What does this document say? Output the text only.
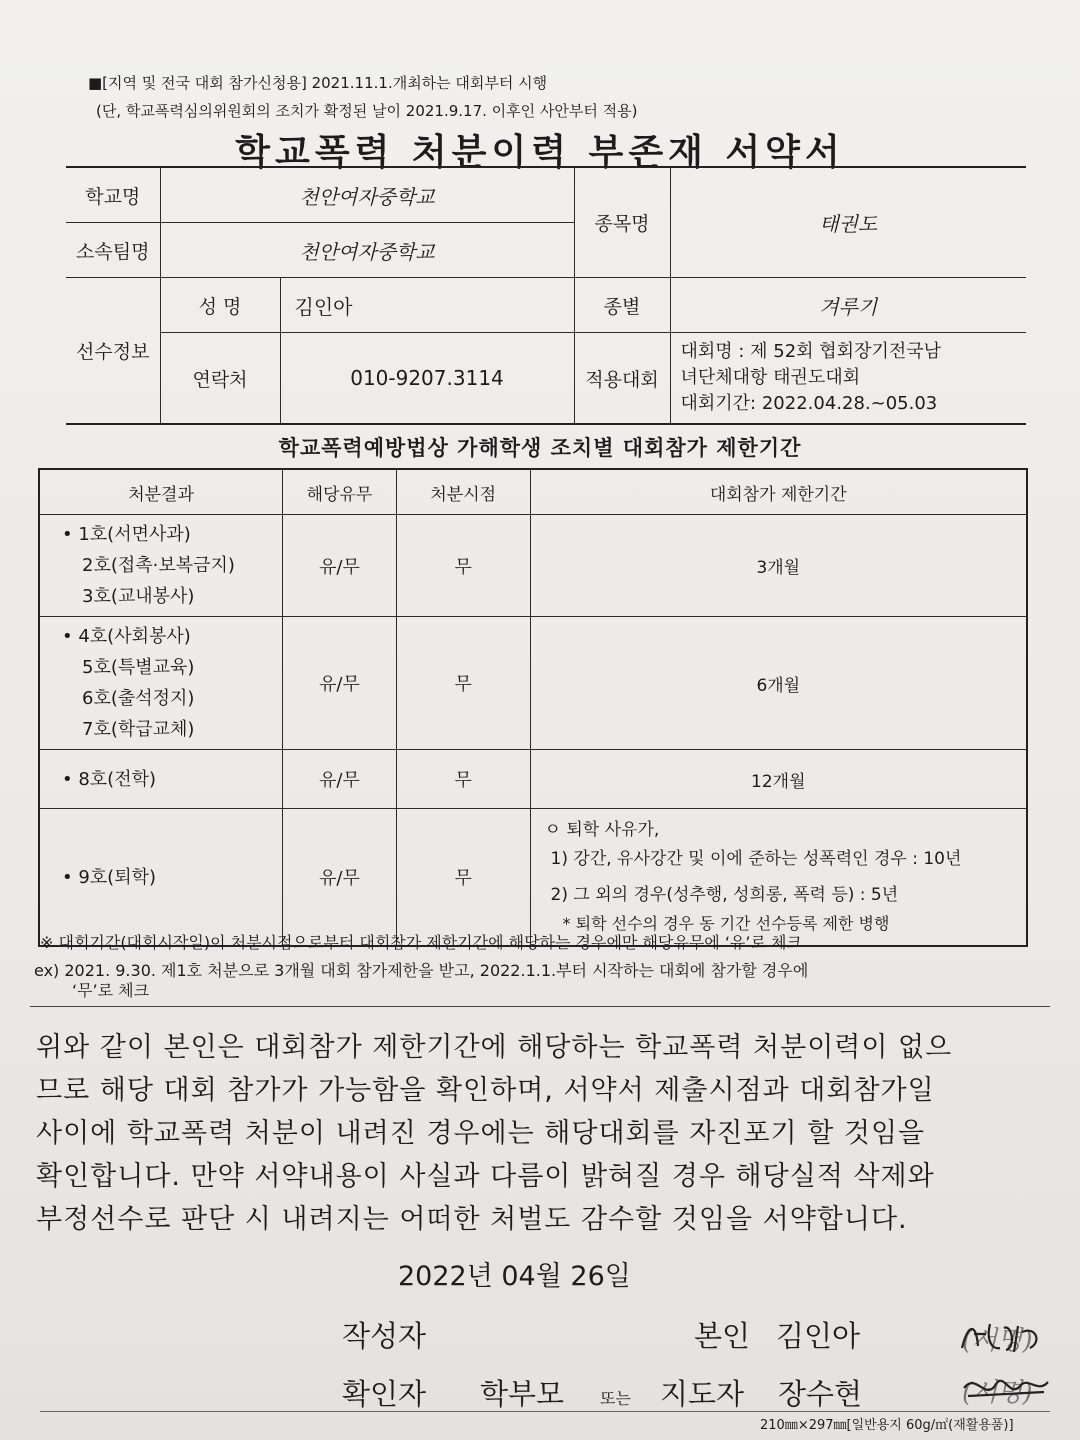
■[지역 및 전국 대회 참가신청용] 2021.11.1.개최하는 대회부터 시행
(단, 학교폭력심의위원회의 조치가 확정된 날이 2021.9.17. 이후인 사안부터 적용)
학교폭력 처분이력 부존재 서약서
학교명	천안여자중학교		종목명	태권도
소속팀명	천안여자중학교			
선수정보	성 명	김인아	종별	겨루기
	연락처	010-9207.3114	적용대회	대회명 : 제 52회 협회장기전국남
녀단체대항 태권도대회
대회기간: 2022.04.28.~05.03
학교폭력예방법상 가해학생 조치별 대회참가 제한기간
처분결과	해당유무	처분시점	대회참가 제한기간

• 1호(서면사과)
2호(접촉·보복금지)
3호(교내봉사)	유/무	무	3개월

• 4호(사회봉사)
5호(특별교육)
6호(출석정지)
7호(학급교체)	유/무	무	6개월

• 8호(전학)	유/무	무	12개월

• 9호(퇴학)	유/무	무	ㅇ 퇴학 사유가,
1) 강간, 유사강간 및 이에 준하는 성폭력인 경우 : 10년
2) 그 외의 경우(성추행, 성희롱, 폭력 등) : 5년
* 퇴학 선수의 경우 동 기간 선수등록 제한 병행
※ 대회기간(대회시작일)이 처분시점으로부터 대회참가 제한기간에 해당하는 경우에만 해당유무에 ‘유’로 체크
ex) 2021. 9.30. 제1호 처분으로 3개월 대회 참가제한을 받고, 2022.1.1.부터 시작하는 대회에 참가할 경우에
‘무’로 체크
위와 같이 본인은 대회참가 제한기간에 해당하는 학교폭력 처분이력이 없으
므로 해당 대회 참가가 가능함을 확인하며, 서약서 제출시점과 대회참가일
사이에 학교폭력 처분이 내려진 경우에는 해당대회를 자진포기 할 것임을
확인합니다. 만약 서약내용이 사실과 다름이 밝혀질 경우 해당실적 삭제와
부정선수로 판단 시 내려지는 어떠한 처벌도 감수할 것임을 서약합니다.
2022년 04월 26일
작성자	본인 김인아	(서명)
확인자 학부모 또는 지도자 장수현	(서명)
210㎜×297㎜[일반용지 60g/㎡(재활용품)]
